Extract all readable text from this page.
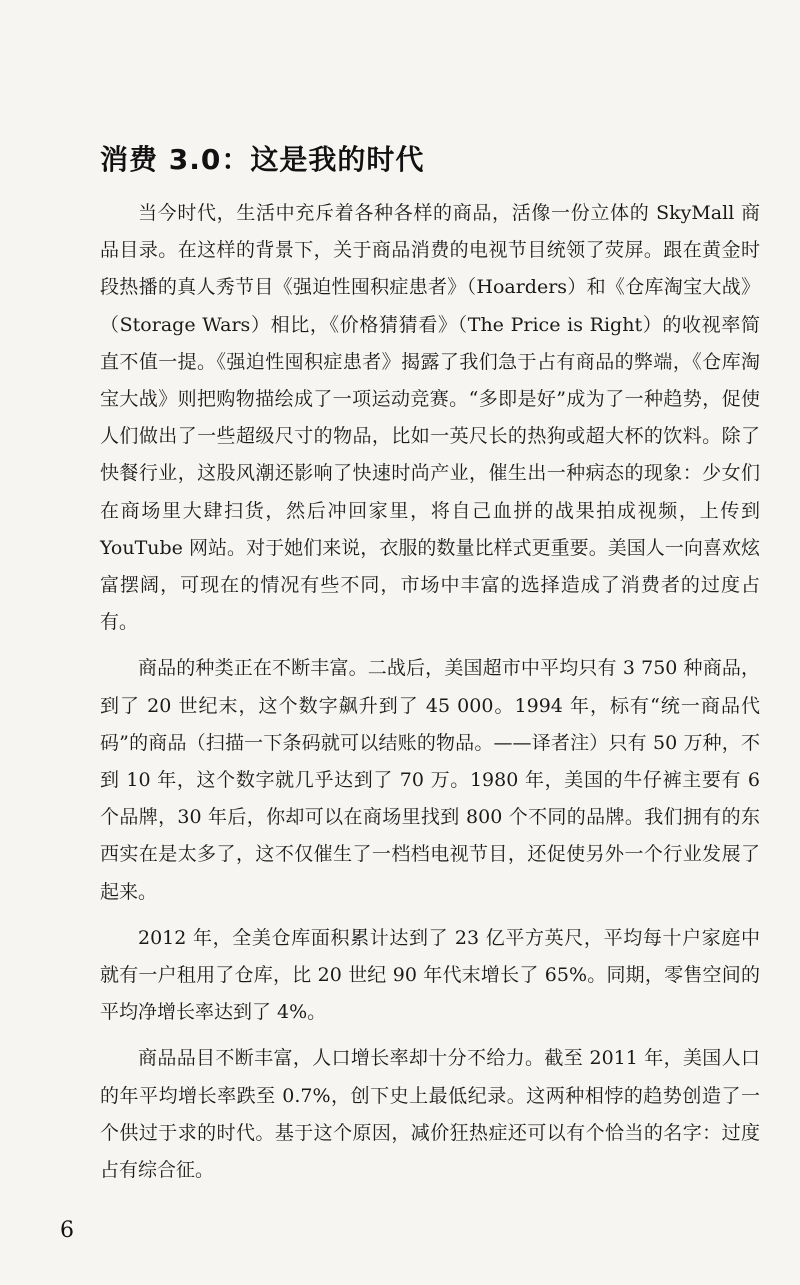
消费 3.0：这是我的时代

当今时代，生活中充斥着各种各样的商品，活像一份立体的 SkyMall 商品目录。在这样的背景下，关于商品消费的电视节目统领了荧屏。跟在黄金时段热播的真人秀节目《强迫性囤积症患者》（Hoarders）和《仓库淘宝大战》（Storage Wars）相比，《价格猜猜看》（The Price is Right）的收视率简直不值一提。《强迫性囤积症患者》揭露了我们急于占有商品的弊端，《仓库淘宝大战》则把购物描绘成了一项运动竞赛。“多即是好”成为了一种趋势，促使人们做出了一些超级尺寸的物品，比如一英尺长的热狗或超大杯的饮料。除了快餐行业，这股风潮还影响了快速时尚产业，催生出一种病态的现象：少女们在商场里大肆扫货，然后冲回家里，将自己血拼的战果拍成视频，上传到 YouTube 网站。对于她们来说，衣服的数量比样式更重要。美国人一向喜欢炫富摆阔，可现在的情况有些不同，市场中丰富的选择造成了消费者的过度占有。

商品的种类正在不断丰富。二战后，美国超市中平均只有 3 750 种商品，到了 20 世纪末，这个数字飙升到了 45 000。1994 年，标有“统一商品代码”的商品（扫描一下条码就可以结账的物品。——译者注）只有 50 万种，不到 10 年，这个数字就几乎达到了 70 万。1980 年，美国的牛仔裤主要有 6 个品牌，30 年后，你却可以在商场里找到 800 个不同的品牌。我们拥有的东西实在是太多了，这不仅催生了一档档电视节目，还促使另外一个行业发展了起来。

2012 年，全美仓库面积累计达到了 23 亿平方英尺，平均每十户家庭中就有一户租用了仓库，比 20 世纪 90 年代末增长了 65%。同期，零售空间的平均净增长率达到了 4%。

商品品目不断丰富，人口增长率却十分不给力。截至 2011 年，美国人口的年平均增长率跌至 0.7%，创下史上最低纪录。这两种相悖的趋势创造了一个供过于求的时代。基于这个原因，减价狂热症还可以有个恰当的名字：过度占有综合征。

6
